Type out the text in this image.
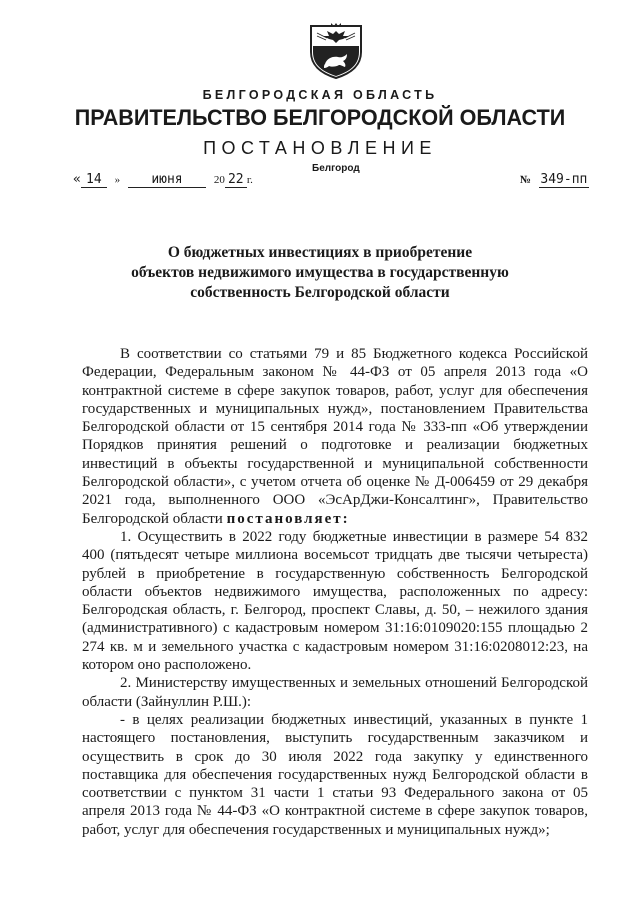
БЕЛГОРОДСКАЯ ОБЛАСТЬ
ПРАВИТЕЛЬСТВО БЕЛГОРОДСКОЙ ОБЛАСТИ
ПОСТАНОВЛЕНИЕ
Белгород
« 14 » июня	20 22 г.	№ 349-пп
О бюджетных инвестициях в приобретение
объектов недвижимого имущества в государственную
собственность Белгородской области

В соответствии со статьями 79 и 85 Бюджетного кодекса Российской Федерации, Федеральным законом № 44-ФЗ от 05 апреля 2013 года «О контрактной системе в сфере закупок товаров, работ, услуг для обеспечения государственных и муниципальных нужд», постановлением Правительства Белгородской области от 15 сентября 2014 года № 333-пп «Об утверждении Порядков принятия решений о подготовке и реализации бюджетных инвестиций в объекты государственной и муниципальной собственности Белгородской области», с учетом отчета об оценке № Д-006459 от 29 декабря 2021 года, выполненного ООО «ЭсАрДжи-Консалтинг», Правительство Белгородской области постановляет:

1. Осуществить в 2022 году бюджетные инвестиции в размере 54 832 400 (пятьдесят четыре миллиона восемьсот тридцать две тысячи четыреста) рублей в приобретение в государственную собственность Белгородской области объектов недвижимого имущества, расположенных по адресу: Белгородская область, г. Белгород, проспект Славы, д. 50, – нежилого здания (административного) с кадастровым номером 31:16:0109020:155 площадью 2 274 кв. м и земельного участка с кадастровым номером 31:16:0208012:23, на котором оно расположено.

2. Министерству имущественных и земельных отношений Белгородской области (Зайнуллин Р.Ш.):

- в целях реализации бюджетных инвестиций, указанных в пункте 1 настоящего постановления, выступить государственным заказчиком и осуществить в срок до 30 июля 2022 года закупку у единственного поставщика для обеспечения государственных нужд Белгородской области в соответствии с пунктом 31 части 1 статьи 93 Федерального закона от 05 апреля 2013 года № 44-ФЗ «О контрактной системе в сфере закупок товаров, работ, услуг для обеспечения государственных и муниципальных нужд»;
